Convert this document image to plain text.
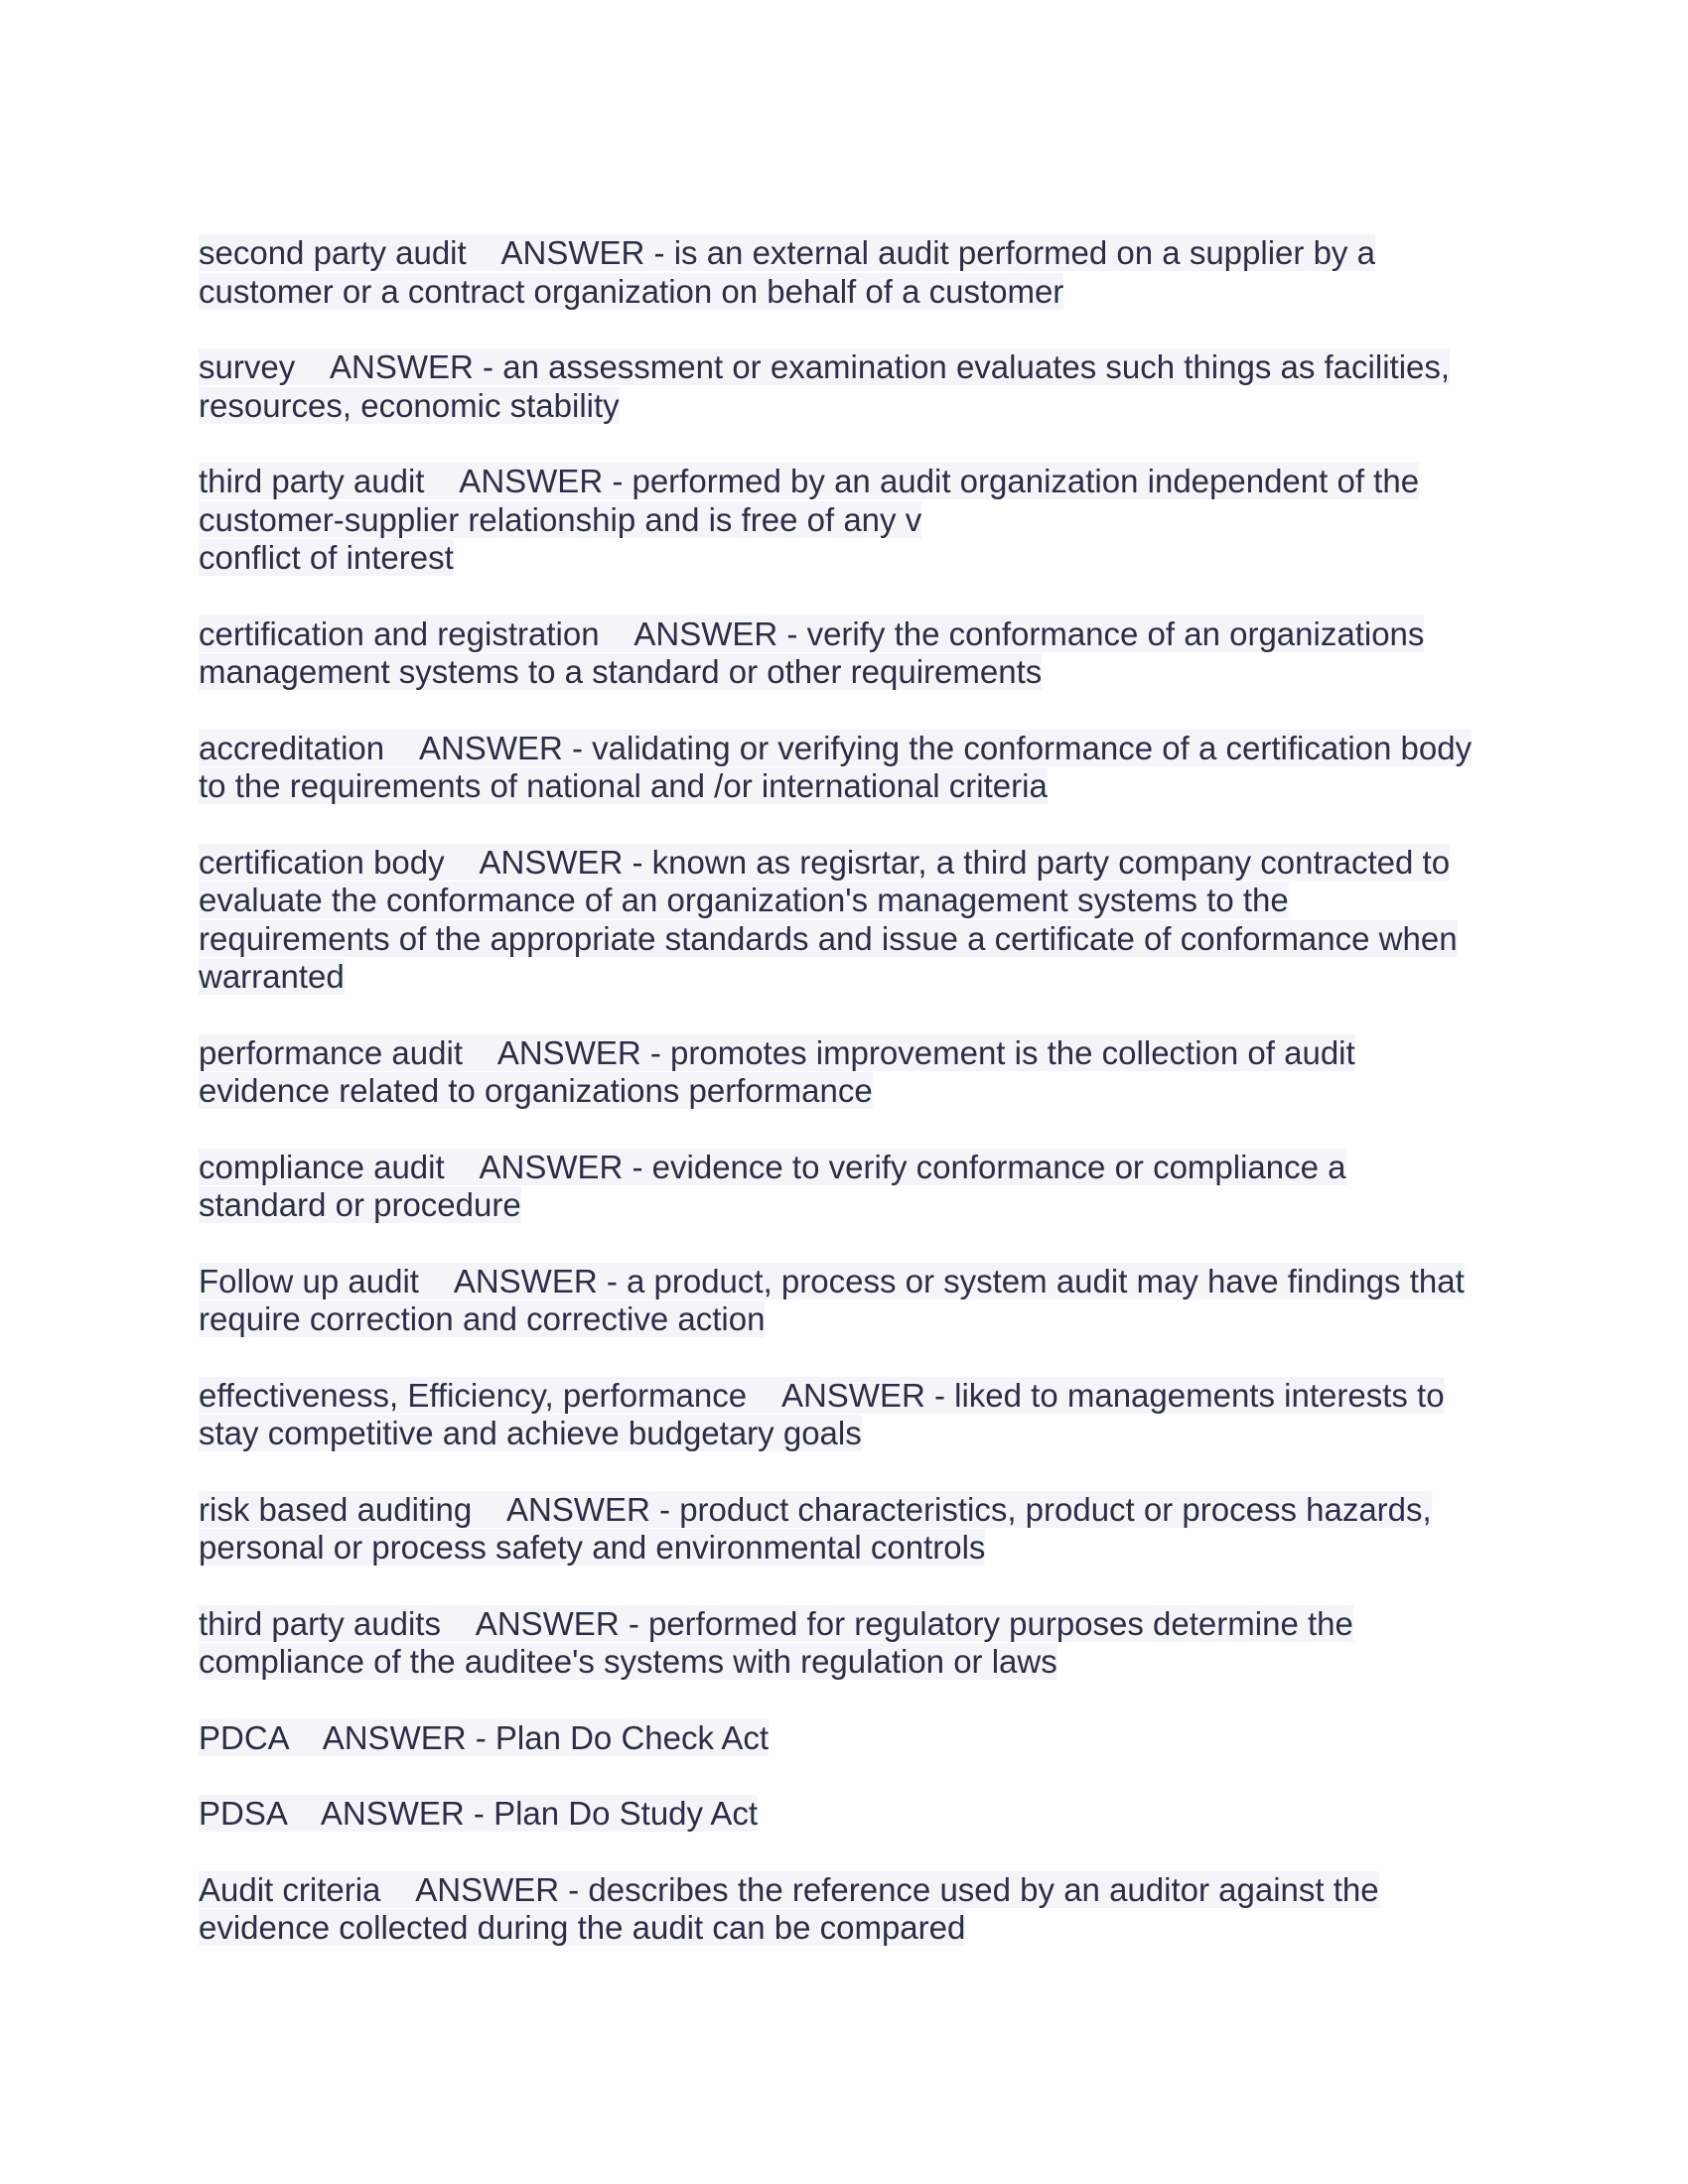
second party audit    ANSWER - is an external audit performed on a supplier by a
customer or a contract organization on behalf of a customer
survey    ANSWER - an assessment or examination evaluates such things as facilities,
resources, economic stability
third party audit    ANSWER - performed by an audit organization independent of the
customer-supplier relationship and is free of any v
conflict of interest
certification and registration    ANSWER - verify the conformance of an organizations
management systems to a standard or other requirements
accreditation    ANSWER - validating or verifying the conformance of a certification body
to the requirements of national and /or international criteria
certification body    ANSWER - known as regisrtar, a third party company contracted to
evaluate the conformance of an organization's management systems to the
requirements of the appropriate standards and issue a certificate of conformance when
warranted
performance audit    ANSWER - promotes improvement is the collection of audit
evidence related to organizations performance
compliance audit    ANSWER - evidence to verify conformance or compliance a
standard or procedure
Follow up audit    ANSWER - a product, process or system audit may have findings that
require correction and corrective action
effectiveness, Efficiency, performance    ANSWER - liked to managements interests to
stay competitive and achieve budgetary goals
risk based auditing    ANSWER - product characteristics, product or process hazards,
personal or process safety and environmental controls
third party audits    ANSWER - performed for regulatory purposes determine the
compliance of the auditee's systems with regulation or laws
PDCA    ANSWER - Plan Do Check Act
PDSA    ANSWER - Plan Do Study Act
Audit criteria    ANSWER - describes the reference used by an auditor against the
evidence collected during the audit can be compared
